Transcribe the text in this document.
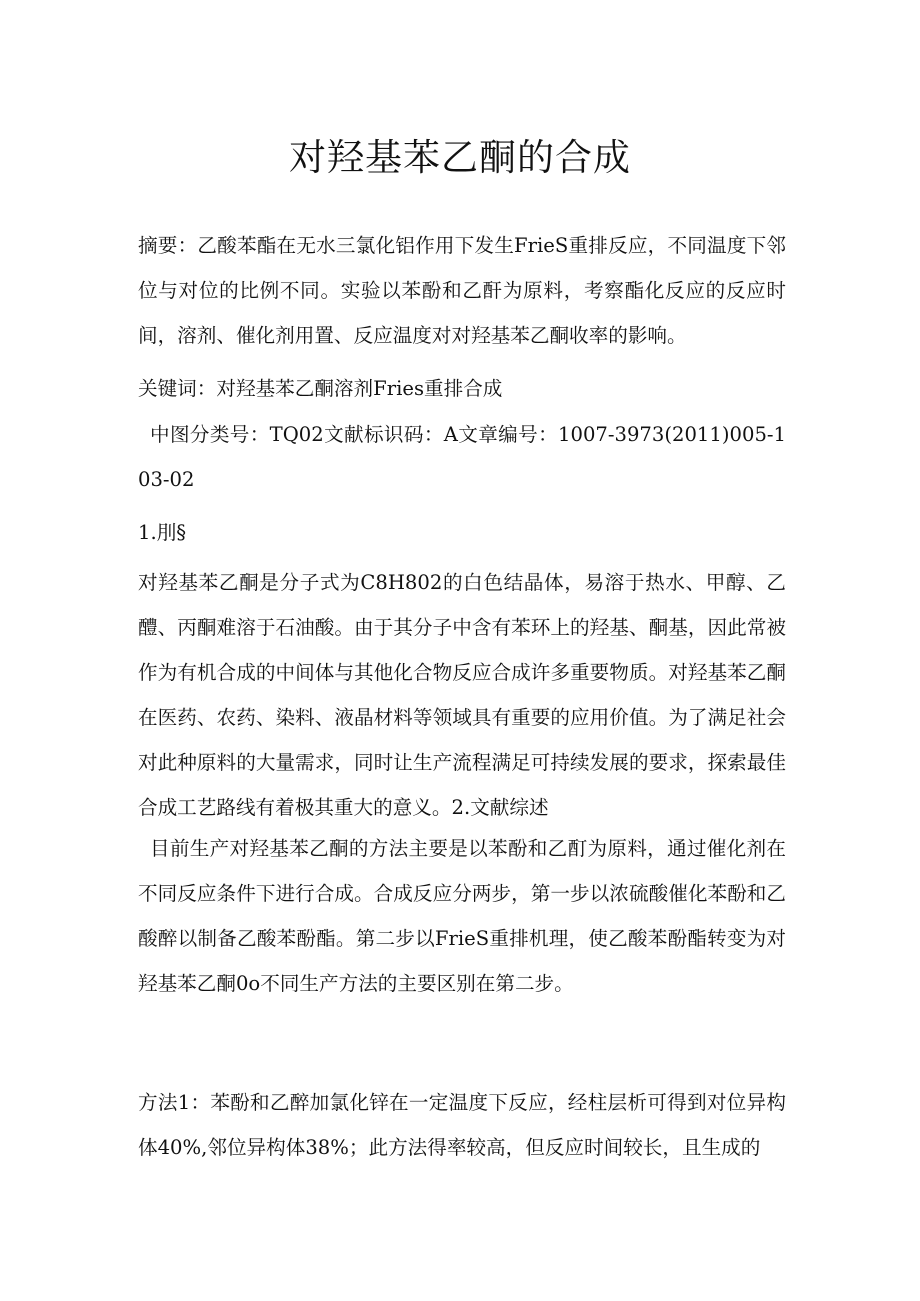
对羟基苯乙酮的合成

摘要：乙酸苯酯在无水三氯化铝作用下发生FrieS重排反应，不同温度下邻位与对位的比例不同。实验以苯酚和乙酐为原料，考察酯化反应的反应时间，溶剂、催化剂用置、反应温度对对羟基苯乙酮收率的影响。

关键词：对羟基苯乙酮溶剂Fries重排合成

中图分类号：TQ02文献标识码：A文章编号：1007-3973(2011)005-103-02

1.刖§

对羟基苯乙酮是分子式为C8H802的白色结晶体，易溶于热水、甲醇、乙醴、丙酮难溶于石油酸。由于其分子中含有苯环上的羟基、酮基，因此常被作为有机合成的中间体与其他化合物反应合成许多重要物质。对羟基苯乙酮在医药、农药、染料、液晶材料等领域具有重要的应用价值。为了满足社会对此种原料的大量需求，同时让生产流程满足可持续发展的要求，探索最佳合成工艺路线有着极其重大的意义。2.文献综述

目前生产对羟基苯乙酮的方法主要是以苯酚和乙酊为原料，通过催化剂在不同反应条件下进行合成。合成反应分两步，第一步以浓硫酸催化苯酚和乙酸醉以制备乙酸苯酚酯。第二步以FrieS重排机理，使乙酸苯酚酯转变为对羟基苯乙酮0o不同生产方法的主要区别在第二步。

方法1：苯酚和乙醉加氯化锌在一定温度下反应，经柱层析可得到对位异构体40%,邻位异构体38%；此方法得率较高，但反应时间较长，且生成的
